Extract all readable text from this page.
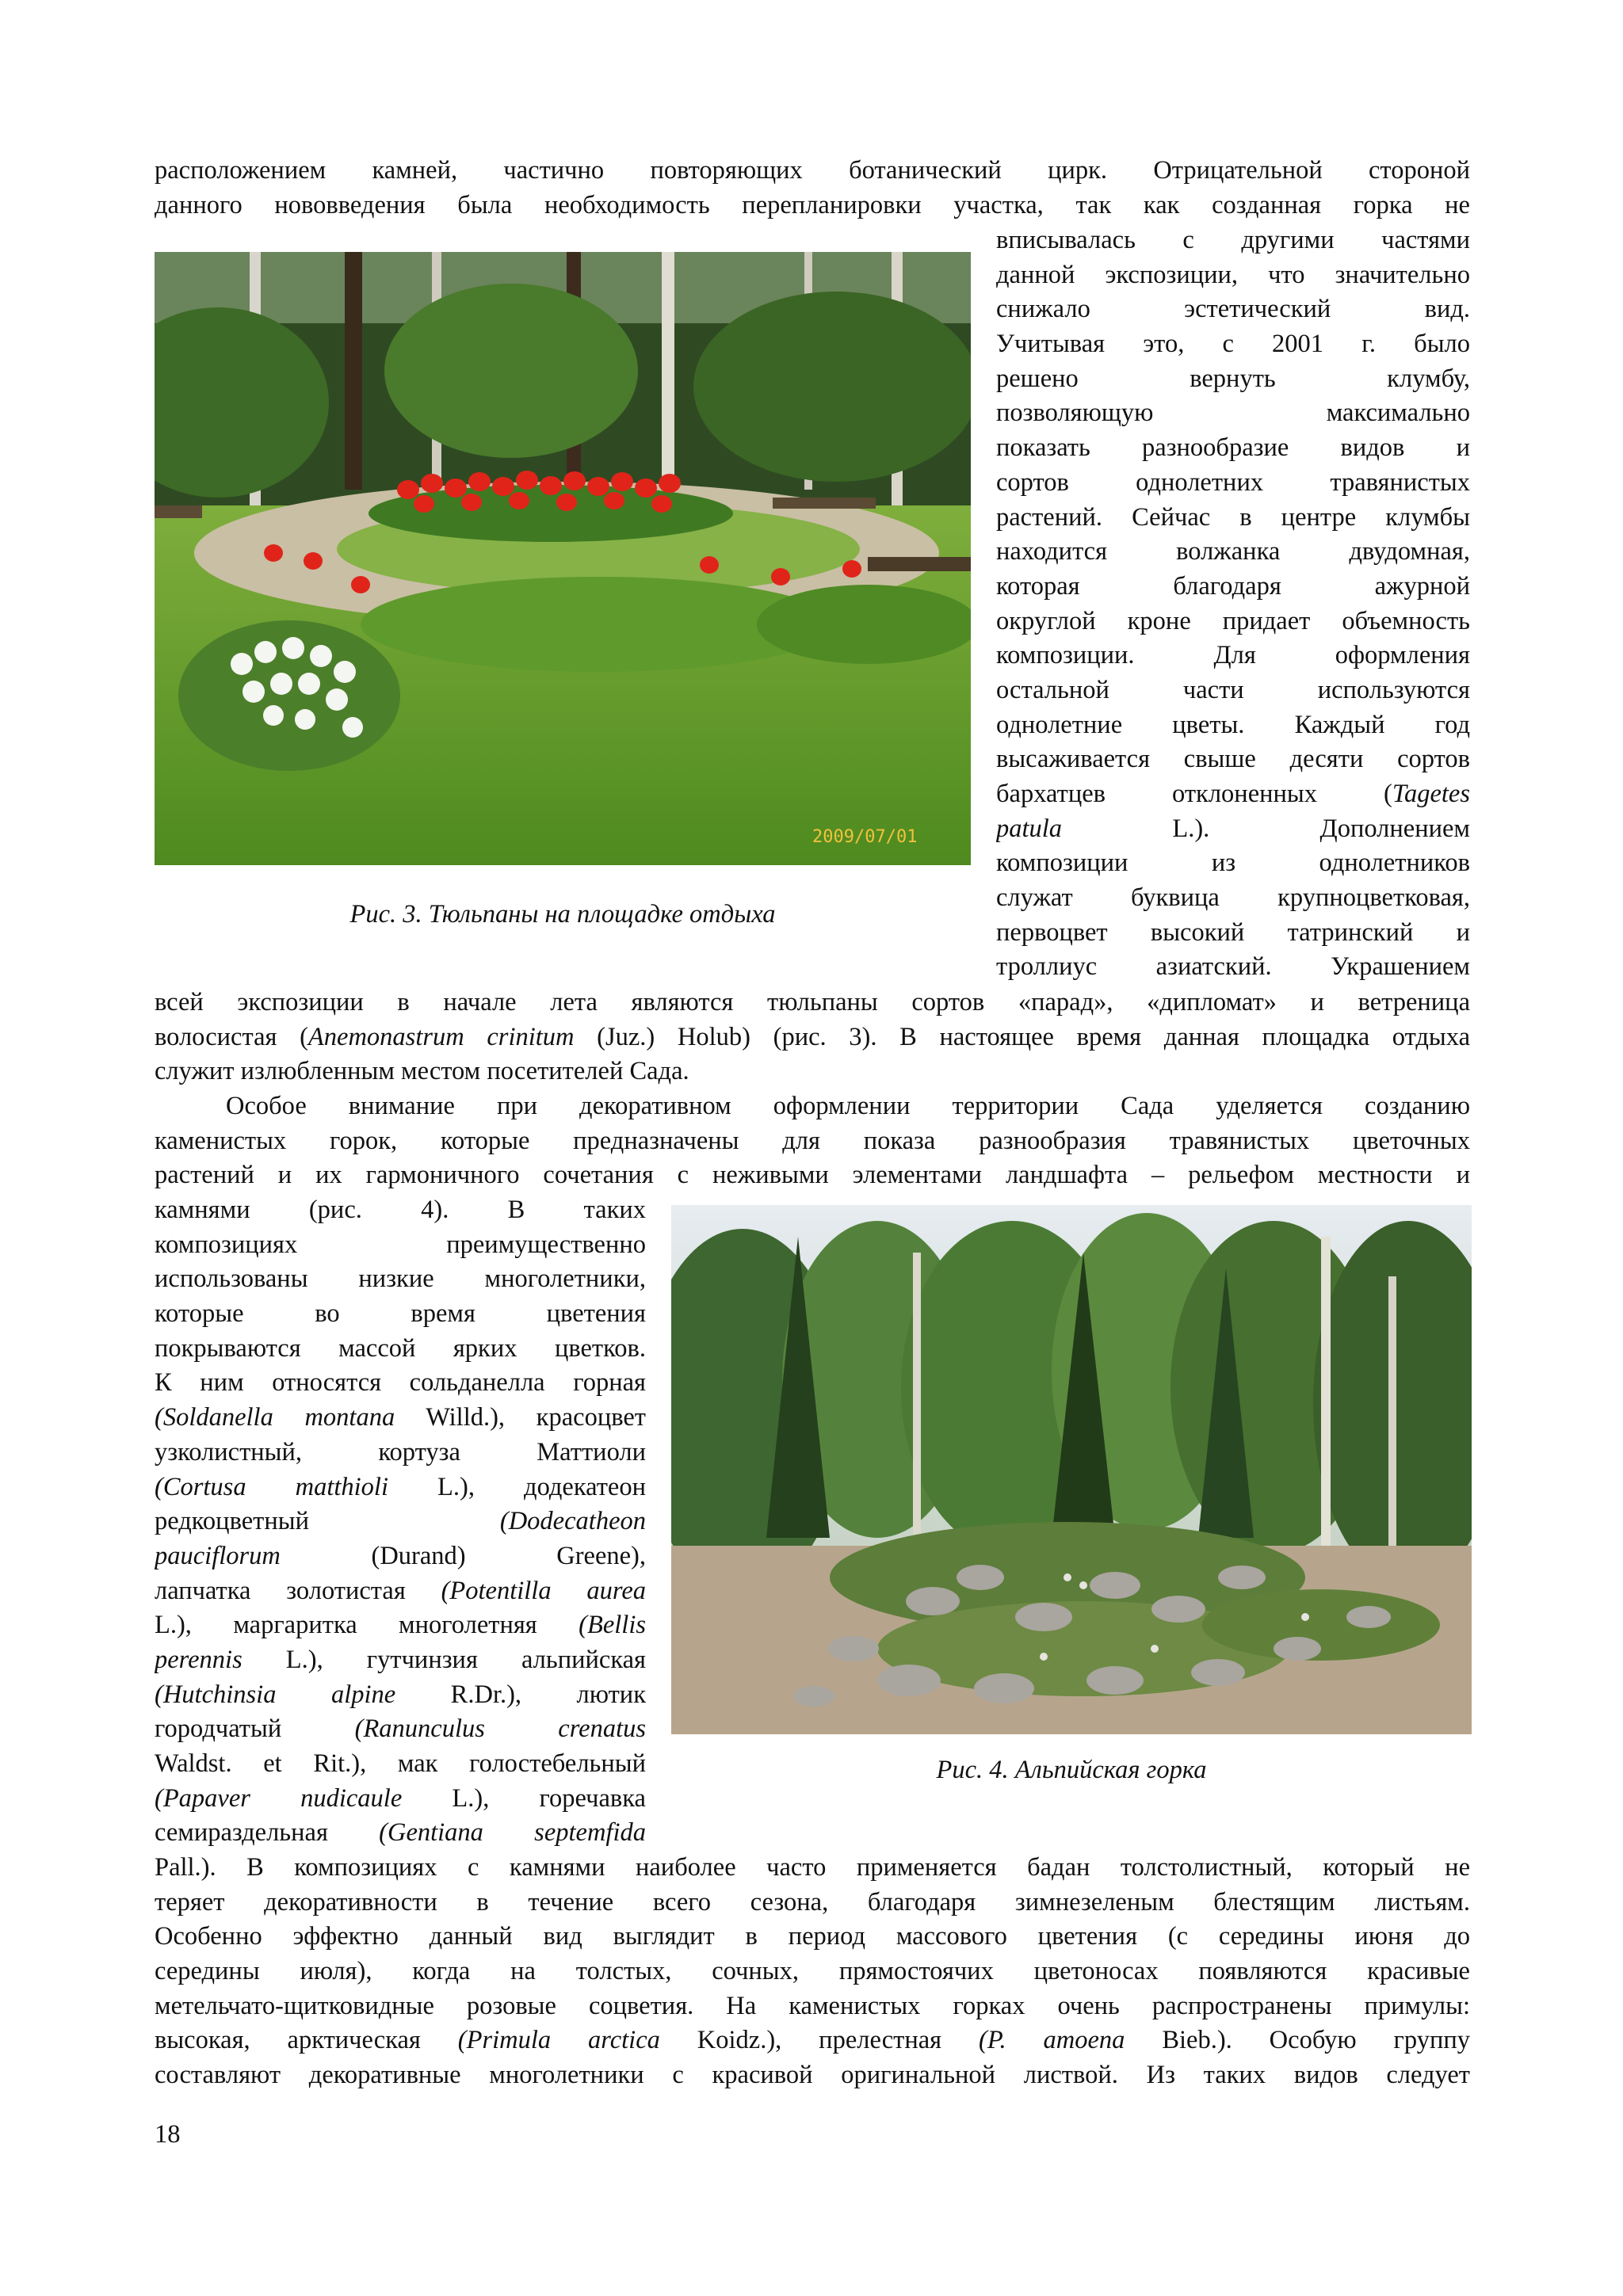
расположением камней, частично повторяющих ботанический цирк. Отрицательной стороной
данного нововведения была необходимость перепланировки участка, так как созданная горка не
2009/07/01
вписывалась с другими частями
данной экспозиции, что значительно
снижало эстетический вид.
Учитывая это, с 2001 г. было
решено вернуть клумбу,
позволяющую максимально
показать разнообразие видов и
сортов однолетних травянистых
растений. Сейчас в центре клумбы
находится волжанка двудомная,
которая благодаря ажурной
округлой кроне придает объемность
композиции. Для оформления
остальной части используются
однолетние цветы. Каждый год
высаживается свыше десяти сортов
бархатцев отклоненных (Tagetes
patula L.). Дополнением
композиции из однолетников
служат буквица крупноцветковая,
первоцвет высокий татринский и
троллиус азиатский. Украшением

Рис. 3. Тюльпаны на площадке отдыха

всей экспозиции в начале лета являются тюльпаны сортов «парад», «дипломат» и ветреница
волосистая (Anemonastrum crinitum (Juz.) Holub) (рис. 3). В настоящее время данная площадка отдыха
служит излюбленным местом посетителей Сада.
Особое внимание при декоративном оформлении территории Сада уделяется созданию
каменистых горок, которые предназначены для показа разнообразия травянистых цветочных
растений и их гармоничного сочетания с неживыми элементами ландшафта – рельефом местности и
камнями (рис. 4). В таких
композициях преимущественно
использованы низкие многолетники,
которые во время цветения
покрываются массой ярких цветков.
К ним относятся сольданелла горная
(Soldanella montana Willd.), красоцвет
узколистный, кортуза Маттиоли
(Cortusa matthioli L.), додекатеон
редкоцветный (Dodecatheon
pauciflorum (Durand) Greene),
лапчатка золотистая (Potentilla aurea
L.), маргаритка многолетняя (Bellis
perennis L.), гутчинзия альпийская
(Hutchinsia alpine R.Dr.), лютик
городчатый (Ranunculus crenatus
Waldst. et Rit.), мак голостебельный
(Papaver nudicaule L.), горечавка
семираздельная (Gentiana septemfida

Рис. 4. Альпийская горка

Pall.). В композициях с камнями наиболее часто применяется бадан толстолистный, который не
теряет декоративности в течение всего сезона, благодаря зимнезеленым блестящим листьям.
Особенно эффектно данный вид выглядит в период массового цветения (с середины июня до
середины июля), когда на толстых, сочных, прямостоячих цветоносах появляются красивые
метельчато-щитковидные розовые соцветия. На каменистых горках очень распространены примулы:
высокая, арктическая (Primula arctica Koidz.), прелестная (P. amoena Bieb.). Особую группу
составляют декоративные многолетники с красивой оригинальной листвой. Из таких видов следует
18
